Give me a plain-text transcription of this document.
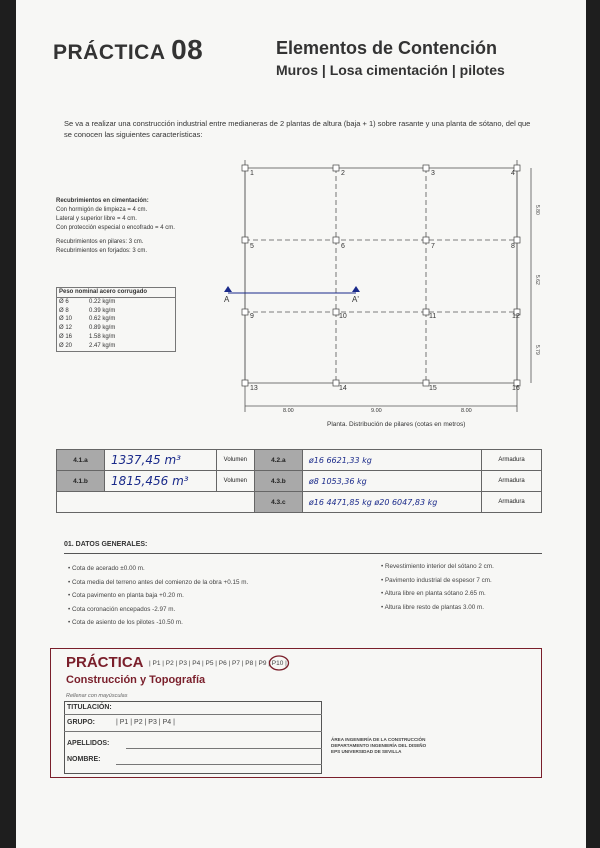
PRÁCTICA 08	Elementos de Contención
Muros | Losa cimentación | pilotes
Se va a realizar una construcción industrial entre medianeras de 2 plantas de altura (baja + 1) sobre rasante y una planta de sótano, del que se conocen las siguientes características:
Recubrimientos en cimentación:
Con hormigón de limpieza = 4 cm.
Lateral y superior libre = 4 cm.
Con protección especial o encofrado = 4 cm.
Recubrimientos en pilares: 3 cm.
Recubrimientos en forjados: 3 cm.
Peso nominal acero corrugado
Ø 6	0.22 kg/m
Ø 8	0.39 kg/m
Ø 10	0.62 kg/m
Ø 12	0.89 kg/m
Ø 16	1.58 kg/m
Ø 20	2.47 kg/m
1	2	3	4
5	6	7	8
9	10	11	12
13	14	15	16
8.00	9.00	8.00
5.80
5.62
5.79
A	A'
Planta. Distribución de pilares (cotas en metros)
4.1.a	1337,45 m³	Volumen	4.2.a	ø16 6621,33 kg	Armadura
4.1.b	1815,456 m³	Volumen	4.3.b	ø8 1053,36 kg	Armadura
			4.3.c	ø16 4471,85 kg ø20 6047,83 kg	Armadura
01. DATOS GENERALES:
• Cota de acerado ±0.00 m.
• Cota media del terreno antes del comienzo de la obra +0.15 m.
• Cota pavimento en planta baja +0.20 m.
• Cota coronación encepados -2.97 m.
• Cota de asiento de los pilotes -10.50 m.
• Revestimiento interior del sótano 2 cm.
• Pavimento industrial de espesor 7 cm.
• Altura libre en planta sótano 2.65 m.
• Altura libre resto de plantas 3.00 m.
PRÁCTICA | P1 | P2 | P3 | P4 | P5 | P6 | P7 | P8 | P9 | P10 |
Construcción y Topografía
Rellenar con mayúsculas
TITULACIÓN:
GRUPO:	| P1 | P2 | P3 | P4 |
APELLIDOS:
NOMBRE:
ÁREA INGENIERÍA DE LA CONSTRUCCIÓN
DEPARTAMENTO INGENIERÍA DEL DISEÑO
EPS UNIVERSIDAD DE SEVILLA
